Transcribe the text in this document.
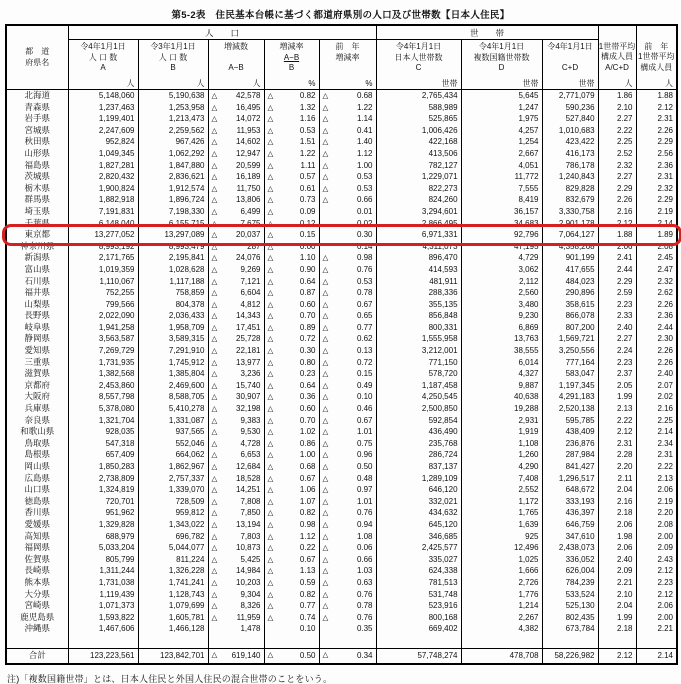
第5-2表　住民基本台帳に基づく都道府県別の人口及び世帯数【日本人住民】
都　道
府県名
	人　　口	世　　帯	
1世帯平均
構成人員
A/C+D
人

前　年
1世帯平均
構成人員
人

令4年1月1日
人 口 数
A
人

令3年1月1日
人 口 数
B
人

増減数
A−B
人

増減率
A−B
B
%

前　年
増減率
%

令4年1月1日
日本人世帯数
C
世帯

令4年1月1日
複数国籍世帯数
D
世帯

令4年1月1日
C+D
世帯

北海道	5,148,060	5,190,638	△ 42,578	△ 0.82	△ 0.68	2,765,434	5,645	2,771,079	1.86	1.88
青森県	1,237,463	1,253,958	△ 16,495	△ 1.32	△ 1.22	588,989	1,247	590,236	2.10	2.12
岩手県	1,199,401	1,213,473	△ 14,072	△ 1.16	△ 1.14	525,865	1,975	527,840	2.27	2.31
宮城県	2,247,609	2,259,562	△ 11,953	△ 0.53	△ 0.41	1,006,426	4,257	1,010,683	2.22	2.26
秋田県	952,824	967,426	△ 14,602	△ 1.51	△ 1.40	422,168	1,254	423,422	2.25	2.29
山形県	1,049,345	1,062,292	△ 12,947	△ 1.22	△ 1.12	413,506	2,667	416,173	2.52	2.56
福島県	1,827,281	1,847,880	△ 20,599	△ 1.11	△ 1.00	782,127	4,051	786,178	2.32	2.36
茨城県	2,820,432	2,836,621	△ 16,189	△ 0.57	△ 0.53	1,229,071	11,772	1,240,843	2.27	2.31
栃木県	1,900,824	1,912,574	△ 11,750	△ 0.61	△ 0.53	822,273	7,555	829,828	2.29	2.32
群馬県	1,882,918	1,896,724	△ 13,806	△ 0.73	△ 0.66	824,260	8,419	832,679	2.26	2.29
埼玉県	7,191,831	7,198,330	△ 6,499	△ 0.09	0.01	3,294,601	36,157	3,330,758	2.16	2.19
千葉県	6,148,040	6,155,715	△ 7,675	△ 0.12	0.02	2,866,495	34,683	2,901,178	2.12	2.14
東京都	13,277,052	13,297,089	△ 20,037	△ 0.15	0.30	6,971,331	92,796	7,064,127	1.88	1.89
神奈川県	8,993,192	8,993,479	△ 287	△ 0.00	0.14	4,311,073	47,195	4,358,268	2.06	2.08
新潟県	2,171,765	2,195,841	△ 24,076	△ 1.10	△ 0.98	896,470	4,729	901,199	2.41	2.45
富山県	1,019,359	1,028,628	△ 9,269	△ 0.90	△ 0.76	414,593	3,062	417,655	2.44	2.47
石川県	1,110,067	1,117,188	△ 7,121	△ 0.64	△ 0.53	481,911	2,112	484,023	2.29	2.32
福井県	752,255	758,859	△ 6,604	△ 0.87	△ 0.78	288,336	2,560	290,896	2.59	2.62
山梨県	799,566	804,378	△ 4,812	△ 0.60	△ 0.67	355,135	3,480	358,615	2.23	2.26
長野県	2,022,090	2,036,433	△ 14,343	△ 0.70	△ 0.65	856,848	9,230	866,078	2.33	2.36
岐阜県	1,941,258	1,958,709	△ 17,451	△ 0.89	△ 0.77	800,331	6,869	807,200	2.40	2.44
静岡県	3,563,587	3,589,315	△ 25,728	△ 0.72	△ 0.62	1,555,958	13,763	1,569,721	2.27	2.30
愛知県	7,269,729	7,291,910	△ 22,181	△ 0.30	△ 0.13	3,212,001	38,555	3,250,556	2.24	2.26
三重県	1,731,935	1,745,912	△ 13,977	△ 0.80	△ 0.72	771,150	6,014	777,164	2.23	2.26
滋賀県	1,382,568	1,385,804	△ 3,236	△ 0.23	△ 0.15	578,720	4,327	583,047	2.37	2.40
京都府	2,453,860	2,469,600	△ 15,740	△ 0.64	△ 0.49	1,187,458	9,887	1,197,345	2.05	2.07
大阪府	8,557,798	8,588,705	△ 30,907	△ 0.36	△ 0.10	4,250,545	40,638	4,291,183	1.99	2.02
兵庫県	5,378,080	5,410,278	△ 32,198	△ 0.60	△ 0.46	2,500,850	19,288	2,520,138	2.13	2.16
奈良県	1,321,704	1,331,087	△ 9,383	△ 0.70	△ 0.67	592,854	2,931	595,785	2.22	2.25
和歌山県	928,035	937,565	△ 9,530	△ 1.02	△ 1.01	436,490	1,919	438,409	2.12	2.14
鳥取県	547,318	552,046	△ 4,728	△ 0.86	△ 0.75	235,768	1,108	236,876	2.31	2.34
島根県	657,409	664,062	△ 6,653	△ 1.00	△ 0.96	286,724	1,260	287,984	2.28	2.31
岡山県	1,850,283	1,862,967	△ 12,684	△ 0.68	△ 0.50	837,137	4,290	841,427	2.20	2.22
広島県	2,738,809	2,757,337	△ 18,528	△ 0.67	△ 0.48	1,289,109	7,408	1,296,517	2.11	2.13
山口県	1,324,819	1,339,070	△ 14,251	△ 1.06	△ 0.97	646,120	2,552	648,672	2.04	2.06
徳島県	720,701	728,509	△ 7,808	△ 1.07	△ 1.01	332,021	1,172	333,193	2.16	2.19
香川県	951,962	959,812	△ 7,850	△ 0.82	△ 0.76	434,632	1,765	436,397	2.18	2.20
愛媛県	1,329,828	1,343,022	△ 13,194	△ 0.98	△ 0.94	645,120	1,639	646,759	2.06	2.08
高知県	688,979	696,782	△ 7,803	△ 1.12	△ 1.08	346,685	925	347,610	1.98	2.00
福岡県	5,033,204	5,044,077	△ 10,873	△ 0.22	△ 0.06	2,425,577	12,496	2,438,073	2.06	2.09
佐賀県	805,799	811,224	△ 5,425	△ 0.67	△ 0.66	335,027	1,025	336,052	2.40	2.43
長崎県	1,311,244	1,326,228	△ 14,984	△ 1.13	△ 1.03	624,338	1,666	626,004	2.09	2.12
熊本県	1,731,038	1,741,241	△ 10,203	△ 0.59	△ 0.63	781,513	2,726	784,239	2.21	2.23
大分県	1,119,439	1,128,743	△ 9,304	△ 0.82	△ 0.76	531,748	1,776	533,524	2.10	2.12
宮崎県	1,071,373	1,079,699	△ 8,326	△ 0.77	△ 0.78	523,916	1,214	525,130	2.04	2.06
鹿児島県	1,593,822	1,605,781	△ 11,959	△ 0.74	△ 0.76	800,168	2,267	802,435	1.99	2.00
沖縄県	1,467,606	1,466,128	1,478	0.10	0.35	669,402	4,382	673,784	2.18	2.21

合計	123,223,561	123,842,701	△ 619,140	△ 0.50	△ 0.34	57,748,274	478,708	58,226,982	2.12	2.14
注)「複数国籍世帯」とは、日本人住民と外国人住民の混合世帯のことをいう。
